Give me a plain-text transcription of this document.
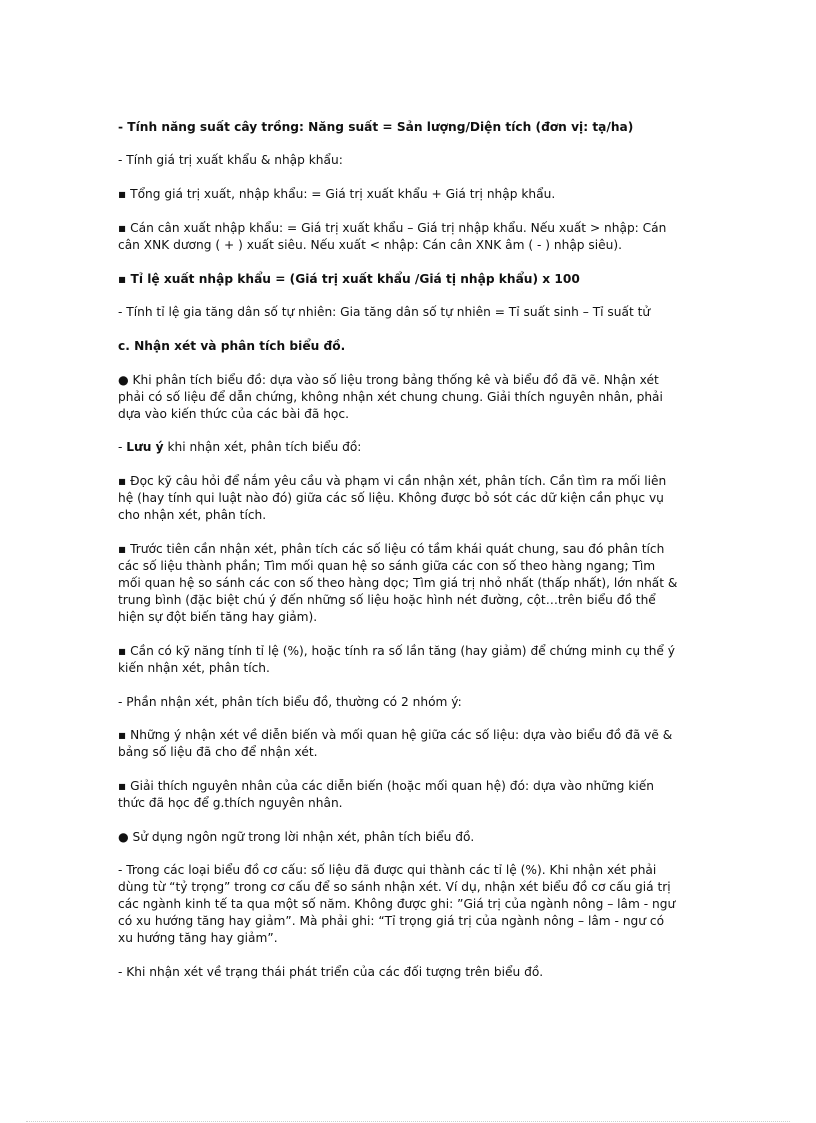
- Tính năng suất cây trồng: Năng suất = Sản lượng/Diện tích (đơn vị: tạ/ha)

- Tính giá trị xuất khẩu & nhập khẩu:

▪ Tổng giá trị xuất, nhập khẩu: = Giá trị xuất khẩu + Giá trị nhập khẩu.

▪ Cán cân xuất nhập khẩu: = Giá trị xuất khẩu – Giá trị nhập khẩu. Nếu xuất > nhập: Cán cân XNK dương ( + ) xuất siêu. Nếu xuất < nhập: Cán cân XNK âm ( - ) nhập siêu).

▪ Tỉ lệ xuất nhập khẩu = (Giá trị xuất khẩu /Giá tị nhập khẩu) x 100

- Tính tỉ lệ gia tăng dân số tự nhiên: Gia tăng dân số tự nhiên = Tỉ suất sinh – Tỉ suất tử

c. Nhận xét và phân tích biểu đồ.

● Khi phân tích biểu đồ: dựa vào số liệu trong bảng thống kê và biểu đồ đã vẽ. Nhận xét phải có số liệu để dẫn chứng, không nhận xét chung chung. Giải thích nguyên nhân, phải dựa vào kiến thức của các bài đã học.

- Lưu ý khi nhận xét, phân tích biểu đồ:

▪ Đọc kỹ câu hỏi để nắm yêu cầu và phạm vi cần nhận xét, phân tích. Cần tìm ra mối liên hệ (hay tính qui luật nào đó) giữa các số liệu. Không được bỏ sót các dữ kiện cần phục vụ cho nhận xét, phân tích.

▪ Trước tiên cần nhận xét, phân tích các số liệu có tầm khái quát chung, sau đó phân tích các số liệu thành phần; Tìm mối quan hệ so sánh giữa các con số theo hàng ngang; Tìm mối quan hệ so sánh các con số theo hàng dọc; Tìm giá trị nhỏ nhất (thấp nhất), lớn nhất & trung bình (đặc biệt chú ý đến những số liệu hoặc hình nét đường, cột…trên biểu đồ thể hiện sự đột biến tăng hay giảm).

▪ Cần có kỹ năng tính tỉ lệ (%), hoặc tính ra số lần tăng (hay giảm) để chứng minh cụ thể ý kiến nhận xét, phân tích.

- Phần nhận xét, phân tích biểu đồ, thường có 2 nhóm ý:

▪ Những ý nhận xét về diễn biến và mối quan hệ giữa các số liệu: dựa vào biểu đồ đã vẽ & bảng số liệu đã cho để nhận xét.

▪ Giải thích nguyên nhân của các diễn biến (hoặc mối quan hệ) đó: dựa vào những kiến thức đã học để g.thích nguyên nhân.

● Sử dụng ngôn ngữ trong lời nhận xét, phân tích biểu đồ.

- Trong các loại biểu đồ cơ cấu: số liệu đã được qui thành các tỉ lệ (%). Khi nhận xét phải dùng từ “tỷ trọng” trong cơ cấu để so sánh nhận xét. Ví dụ, nhận xét biểu đồ cơ cấu giá trị các ngành kinh tế ta qua một số năm. Không được ghi: ”Giá trị của ngành nông – lâm - ngư có xu hướng tăng hay giảm”. Mà phải ghi: “Tỉ trọng giá trị của ngành nông – lâm - ngư có xu hướng tăng hay giảm”.

- Khi nhận xét về trạng thái phát triển của các đối tượng trên biểu đồ.
